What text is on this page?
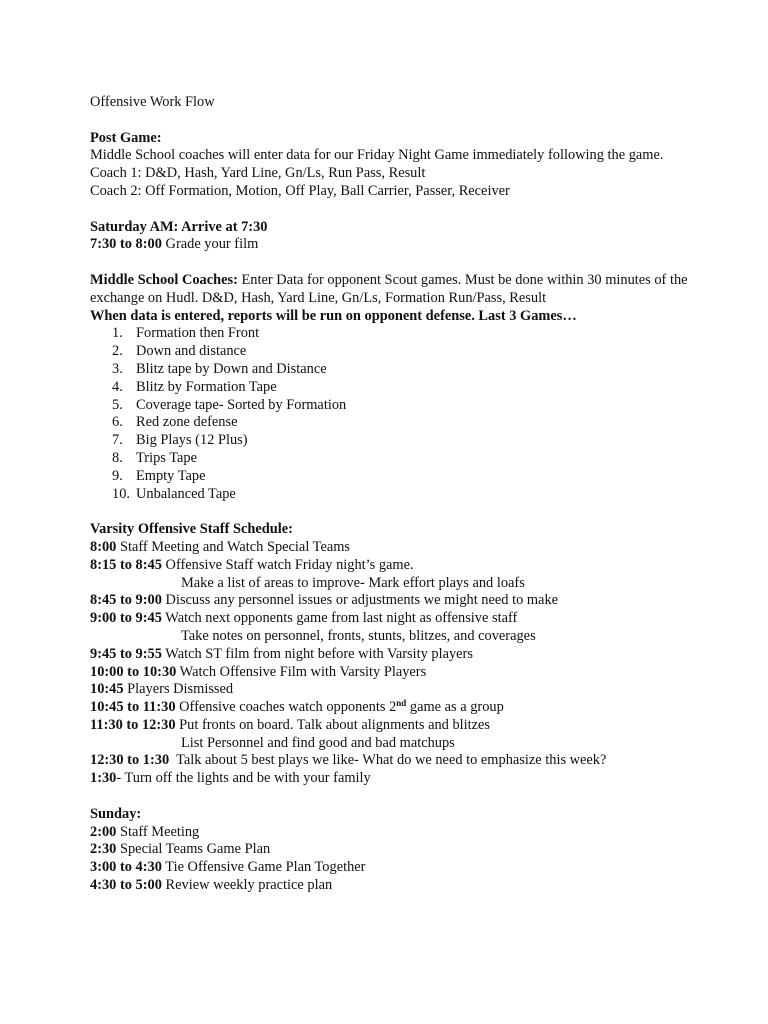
Offensive Work Flow
Post Game:
Middle School coaches will enter data for our Friday Night Game immediately following the game.
Coach 1: D&D, Hash, Yard Line, Gn/Ls, Run Pass, Result
Coach 2: Off Formation, Motion, Off Play, Ball Carrier, Passer, Receiver
Saturday AM: Arrive at 7:30
7:30 to 8:00 Grade your film
Middle School Coaches: Enter Data for opponent Scout games. Must be done within 30 minutes of the exchange on Hudl. D&D, Hash, Yard Line, Gn/Ls, Formation Run/Pass, Result
When data is entered, reports will be run on opponent defense. Last 3 Games…
1. Formation then Front
2. Down and distance
3. Blitz tape by Down and Distance
4. Blitz by Formation Tape
5. Coverage tape- Sorted by Formation
6. Red zone defense
7. Big Plays (12 Plus)
8. Trips Tape
9. Empty Tape
10. Unbalanced Tape
Varsity Offensive Staff Schedule:
8:00 Staff Meeting and Watch Special Teams
8:15 to 8:45 Offensive Staff watch Friday night’s game.
Make a list of areas to improve- Mark effort plays and loafs
8:45 to 9:00 Discuss any personnel issues or adjustments we might need to make
9:00 to 9:45 Watch next opponents game from last night as offensive staff
Take notes on personnel, fronts, stunts, blitzes, and coverages
9:45 to 9:55 Watch ST film from night before with Varsity players
10:00 to 10:30 Watch Offensive Film with Varsity Players
10:45 Players Dismissed
10:45 to 11:30 Offensive coaches watch opponents 2nd game as a group
11:30 to 12:30 Put fronts on board. Talk about alignments and blitzes
List Personnel and find good and bad matchups
12:30 to 1:30  Talk about 5 best plays we like- What do we need to emphasize this week?
1:30- Turn off the lights and be with your family
Sunday:
2:00 Staff Meeting
2:30 Special Teams Game Plan
3:00 to 4:30 Tie Offensive Game Plan Together
4:30 to 5:00 Review weekly practice plan
